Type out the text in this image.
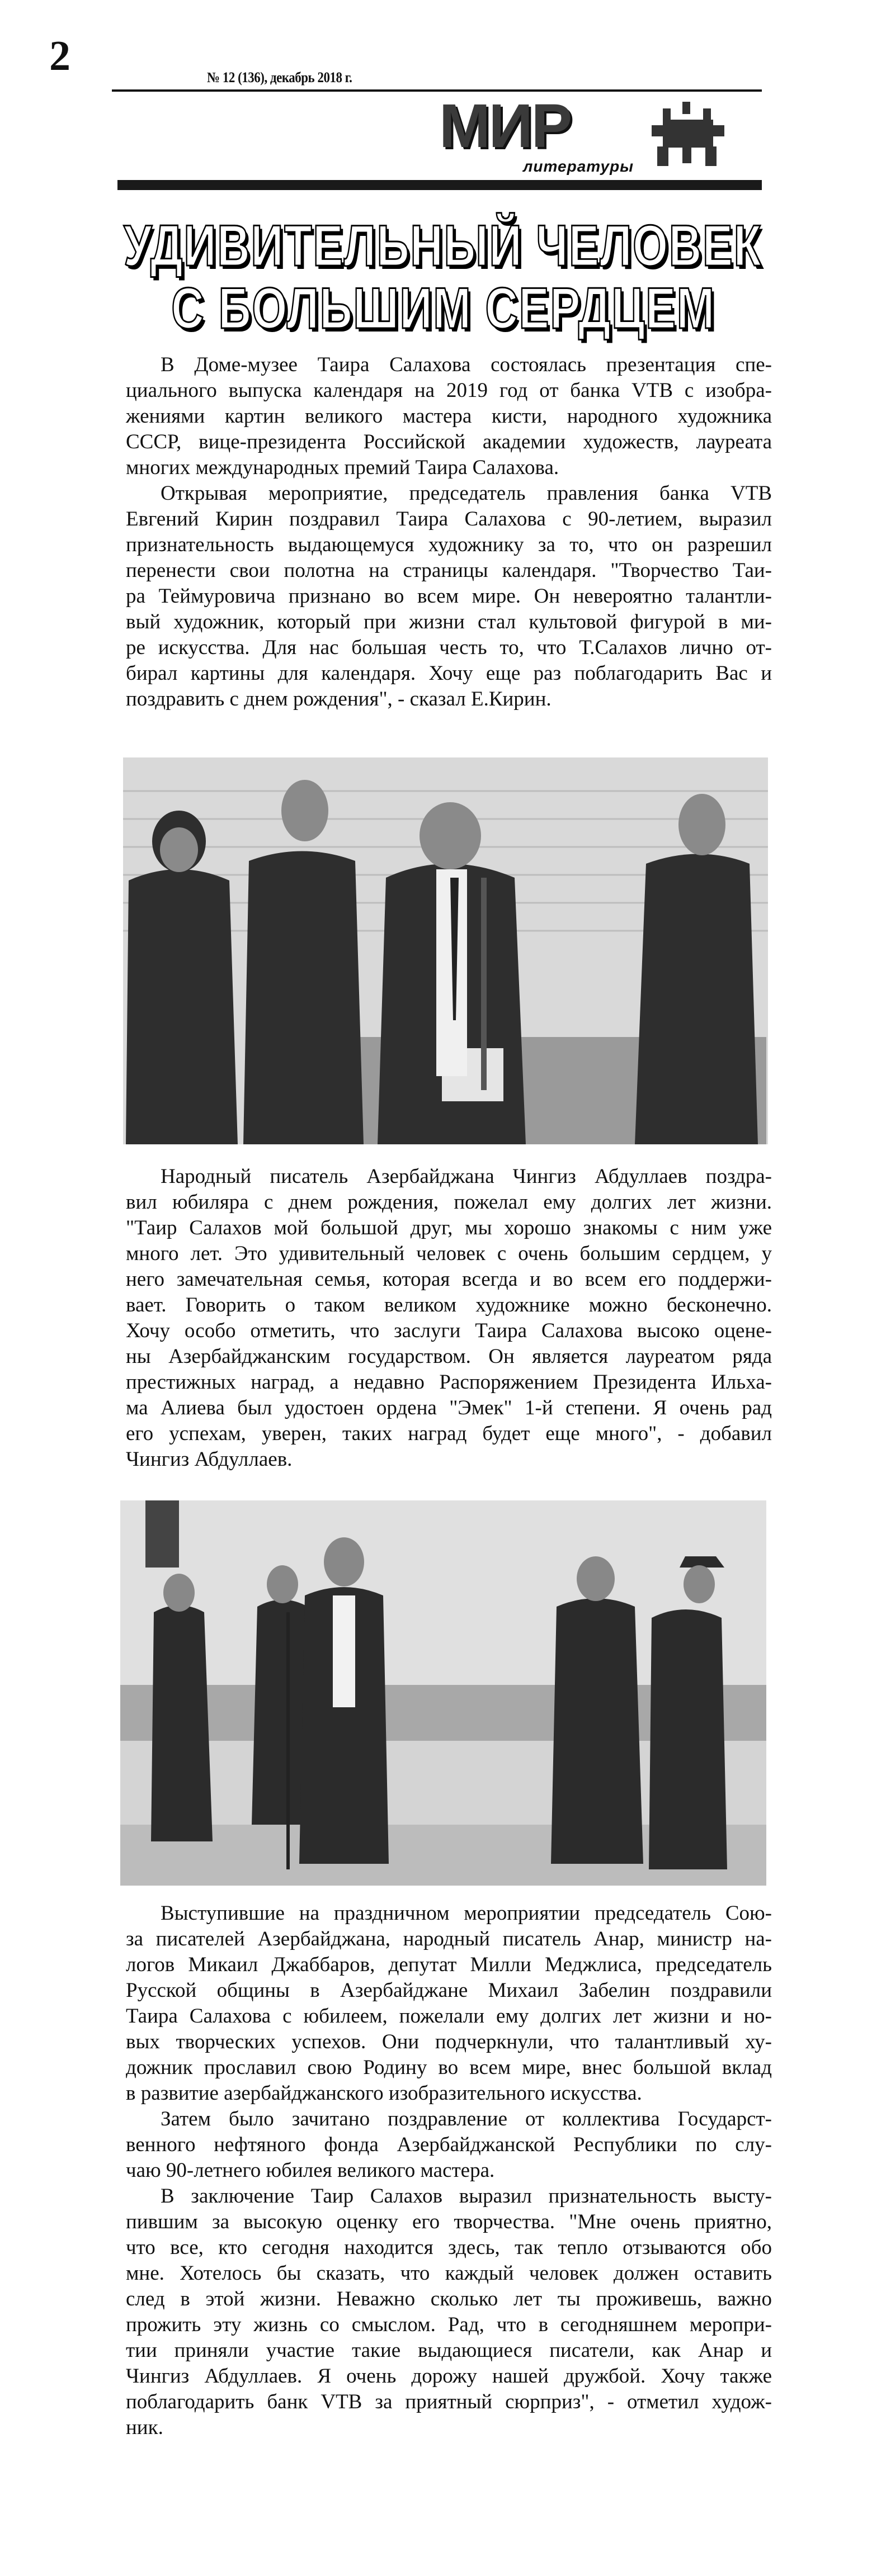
2	№ 12 (136), декабрь 2018 г.
МИР
литературы
УДИВИТЕЛЬНЫЙ ЧЕЛОВЕК
С БОЛЬШИМ СЕРДЦЕМ
В Доме-музее Таира Салахова состоялась презентация спе-
циального выпуска календаря на 2019 год от банка VTB с изобра-
жениями картин великого мастера кисти, народного художника
СССР, вице-президента Российской академии художеств, лауреата
многих международных премий Таира Салахова.
Открывая мероприятие, председатель правления банка VTB
Евгений Кирин поздравил Таира Салахова с 90-летием, выразил
признательность выдающемуся художнику за то, что он разрешил
перенести свои полотна на страницы календаря. "Творчество Таи-
ра Теймуровича признано во всем мире. Он невероятно талантли-
вый художник, который при жизни стал культовой фигурой в ми-
ре искусства. Для нас большая честь то, что Т.Салахов лично от-
бирал картины для календаря. Хочу еще раз поблагодарить Вас и
поздравить с днем рождения", - сказал Е.Кирин.
Народный писатель Азербайджана Чингиз Абдуллаев поздра-
вил юбиляра с днем рождения, пожелал ему долгих лет жизни.
"Таир Салахов мой большой друг, мы хорошо знакомы с ним уже
много лет. Это удивительный человек с очень большим сердцем, у
него замечательная семья, которая всегда и во всем его поддержи-
вает. Говорить о таком великом художнике можно бесконечно.
Хочу особо отметить, что заслуги Таира Салахова высоко оцене-
ны Азербайджанским государством. Он является лауреатом ряда
престижных наград, а недавно Распоряжением Президента Ильха-
ма Алиева был удостоен ордена "Эмек" 1-й степени. Я очень рад
его успехам, уверен, таких наград будет еще много", - добавил
Чингиз Абдуллаев.
Выступившие на праздничном мероприятии председатель Сою-
за писателей Азербайджана, народный писатель Анар, министр на-
логов Микаил Джаббаров, депутат Милли Меджлиса, председатель
Русской общины в Азербайджане Михаил Забелин поздравили
Таира Салахова с юбилеем, пожелали ему долгих лет жизни и но-
вых творческих успехов. Они подчеркнули, что талантливый ху-
дожник прославил свою Родину во всем мире, внес большой вклад
в развитие азербайджанского изобразительного искусства.
Затем было зачитано поздравление от коллектива Государст-
венного нефтяного фонда Азербайджанской Республики по слу-
чаю 90-летнего юбилея великого мастера.
В заключение Таир Салахов выразил признательность высту-
пившим за высокую оценку его творчества. "Мне очень приятно,
что все, кто сегодня находится здесь, так тепло отзываются обо
мне. Хотелось бы сказать, что каждый человек должен оставить
след в этой жизни. Неважно сколько лет ты проживешь, важно
прожить эту жизнь со смыслом. Рад, что в сегодняшнем меропри-
тии приняли участие такие выдающиеся писатели, как Анар и
Чингиз Абдуллаев. Я очень дорожу нашей дружбой. Хочу также
поблагодарить банк VTB за приятный сюрприз", - отметил худож-
ник.
